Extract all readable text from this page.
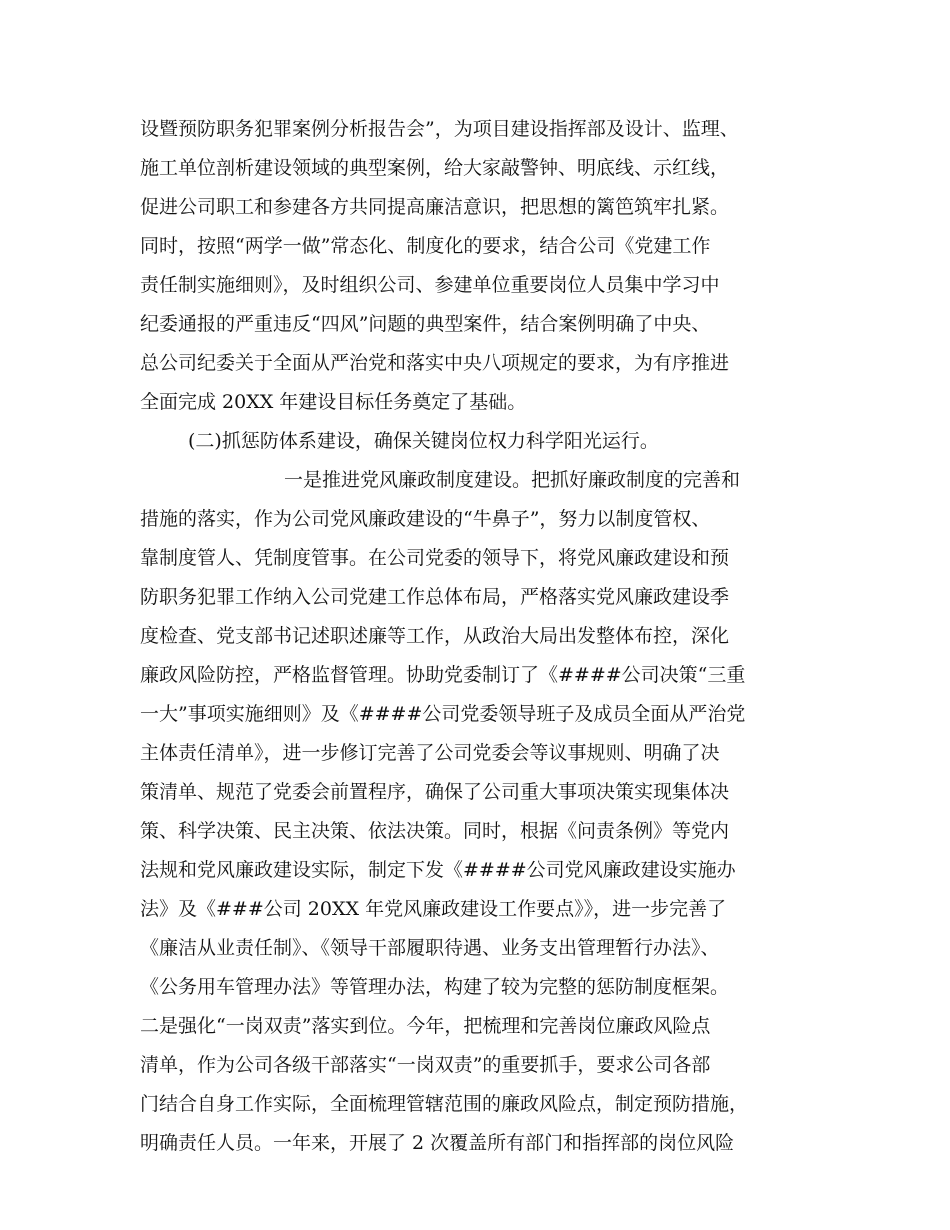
设暨预防职务犯罪案例分析报告会”，为项目建设指挥部及设计、监理、
施工单位剖析建设领域的典型案例，给大家敲警钟、明底线、示红线，
促进公司职工和参建各方共同提高廉洁意识，把思想的篱笆筑牢扎紧。
同时，按照“两学一做”常态化、制度化的要求，结合公司《党建工作
责任制实施细则》，及时组织公司、参建单位重要岗位人员集中学习中
纪委通报的严重违反“四风”问题的典型案件，结合案例明确了中央、
总公司纪委关于全面从严治党和落实中央八项规定的要求，为有序推进
全面完成 20XX 年建设目标任务奠定了基础。
(二)抓惩防体系建设，确保关键岗位权力科学阳光运行。
一是推进党风廉政制度建设。把抓好廉政制度的完善和
措施的落实，作为公司党风廉政建设的“牛鼻子”，努力以制度管权、
靠制度管人、凭制度管事。在公司党委的领导下，将党风廉政建设和预
防职务犯罪工作纳入公司党建工作总体布局，严格落实党风廉政建设季
度检查、党支部书记述职述廉等工作，从政治大局出发整体布控，深化
廉政风险防控，严格监督管理。协助党委制订了《####公司决策“三重
一大”事项实施细则》及《####公司党委领导班子及成员全面从严治党
主体责任清单》，进一步修订完善了公司党委会等议事规则、明确了决
策清单、规范了党委会前置程序，确保了公司重大事项决策实现集体决
策、科学决策、民主决策、依法决策。同时，根据《问责条例》等党内
法规和党风廉政建设实际，制定下发《####公司党风廉政建设实施办
法》及《###公司 20XX 年党风廉政建设工作要点》》，进一步完善了
《廉洁从业责任制》、《领导干部履职待遇、业务支出管理暂行办法》、
《公务用车管理办法》等管理办法，构建了较为完整的惩防制度框架。
二是强化“一岗双责”落实到位。今年，把梳理和完善岗位廉政风险点
清单，作为公司各级干部落实“一岗双责”的重要抓手，要求公司各部
门结合自身工作实际，全面梳理管辖范围的廉政风险点，制定预防措施，
明确责任人员。一年来，开展了 2 次覆盖所有部门和指挥部的岗位风险
